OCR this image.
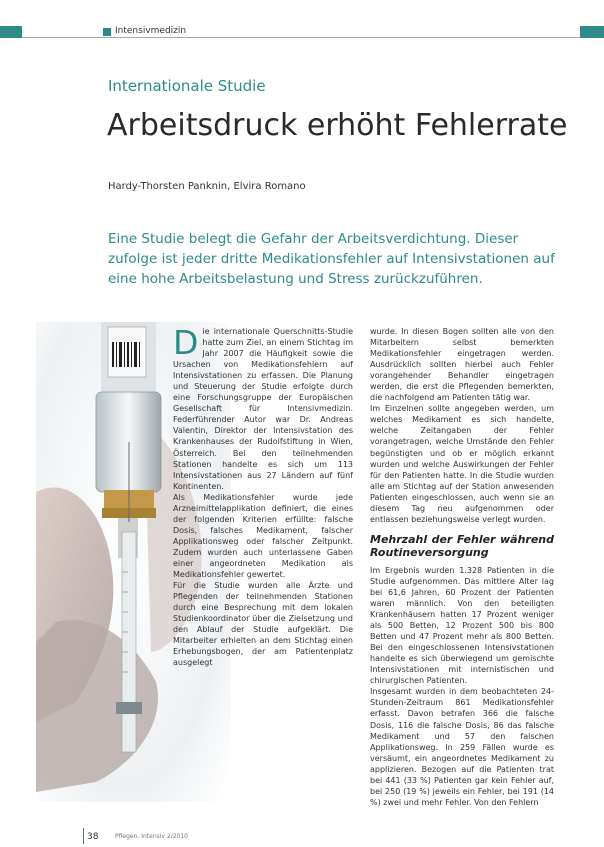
Intensivmedizin
Internationale Studie
Arbeitsdruck erhöht Fehlerrate
Hardy-Thorsten Panknin, Elvira Romano

Eine Studie belegt die Gefahr der Arbeitsverdichtung. Dieser zufolge ist jeder dritte Medikationsfehler auf Intensivstationen auf eine hohe Arbeitsbelastung und Stress zurückzuführen.

D ie internationale Querschnitts-Studie hatte zum Ziel, an einem Stichtag im Jahr 2007 die Häufigkeit sowie die Ursachen von Medikationsfehlern auf Intensivstationen zu erfassen. Die Planung und Steuerung der Studie erfolgte durch eine Forschungsgruppe der Europäischen Gesellschaft für Intensivmedizin. Federführender Autor war Dr. Andreas Valentin, Direktor der Intensivstation des Krankenhauses der Rudolfstiftung in Wien, Österreich. Bei den teilnehmenden Stationen handelte es sich um 113 Intensivstationen aus 27 Ländern auf fünf Kontinenten.

Als Medikationsfehler wurde jede Arzneimittelapplikation definiert, die eines der folgenden Kriterien erfüllte: falsche Dosis, falsches Medikament, falscher Applikationsweg oder falscher Zeitpunkt. Zudem wurden auch unterlassene Gaben einer angeordneten Medikation als Medikationsfehler gewertet.

Für die Studie wurden alle Ärzte und Pflegenden der teilnehmenden Stationen durch eine Besprechung mit dem lokalen Studienkoordinator über die Zielsetzung und den Ablauf der Studie aufgeklärt. Die Mitarbeiter erhielten an dem Stichtag einen Erhebungsbogen, der am Patientenplatz ausgelegt

wurde. In diesen Bogen sollten alle von den Mitarbeitern selbst bemerkten Medikationsfehler eingetragen werden. Ausdrücklich sollten hierbei auch Fehler vorangehender Behandler eingetragen werden, die erst die Pflegenden bemerkten, die nachfolgend am Patienten tätig war.

Im Einzelnen sollte angegeben werden, um welches Medikament es sich handelte, welche Zeitangaben der Fehler vorangetragen, welche Umstände den Fehler begünstigten und ob er möglich erkannt wurden und welche Auswirkungen der Fehler für den Patienten hatte. In die Studie wurden alle am Stichtag auf der Station anwesenden Patienten eingeschlossen, auch wenn sie an diesem Tag neu aufgenommen oder entlassen beziehungsweise verlegt wurden.

Mehrzahl der Fehler während Routineversorgung

Im Ergebnis wurden 1.328 Patienten in die Studie aufgenommen. Das mittlere Alter lag bei 61,6 Jahren, 60 Prozent der Patienten waren männlich. Von den beteiligten Krankenhäusern hatten 17 Prozent weniger als 500 Betten, 12 Prozent 500 bis 800 Betten und 47 Prozent mehr als 800 Betten. Bei den eingeschlossenen Intensivstationen handelte es sich überwiegend um gemischte Intensivstationen mit internistischen und chirurgischen Patienten.

Insgesamt wurden in dem beobachteten 24-Stunden-Zeitraum 861 Medikationsfehler erfasst. Davon betrafen 366 die falsche Dosis, 116 die falsche Dosis, 86 das falsche Medikament und 57 den falschen Applikationsweg. In 259 Fällen wurde es versäumt, ein angeordnetes Medikament zu applizieren. Bezogen auf die Patienten trat bei 441 (33 %) Patienten gar kein Fehler auf, bei 250 (19 %) jeweils ein Fehler, bei 191 (14 %) zwei und mehr Fehler. Von den Fehlern

38	Pflegen. Intensiv 2/2010
